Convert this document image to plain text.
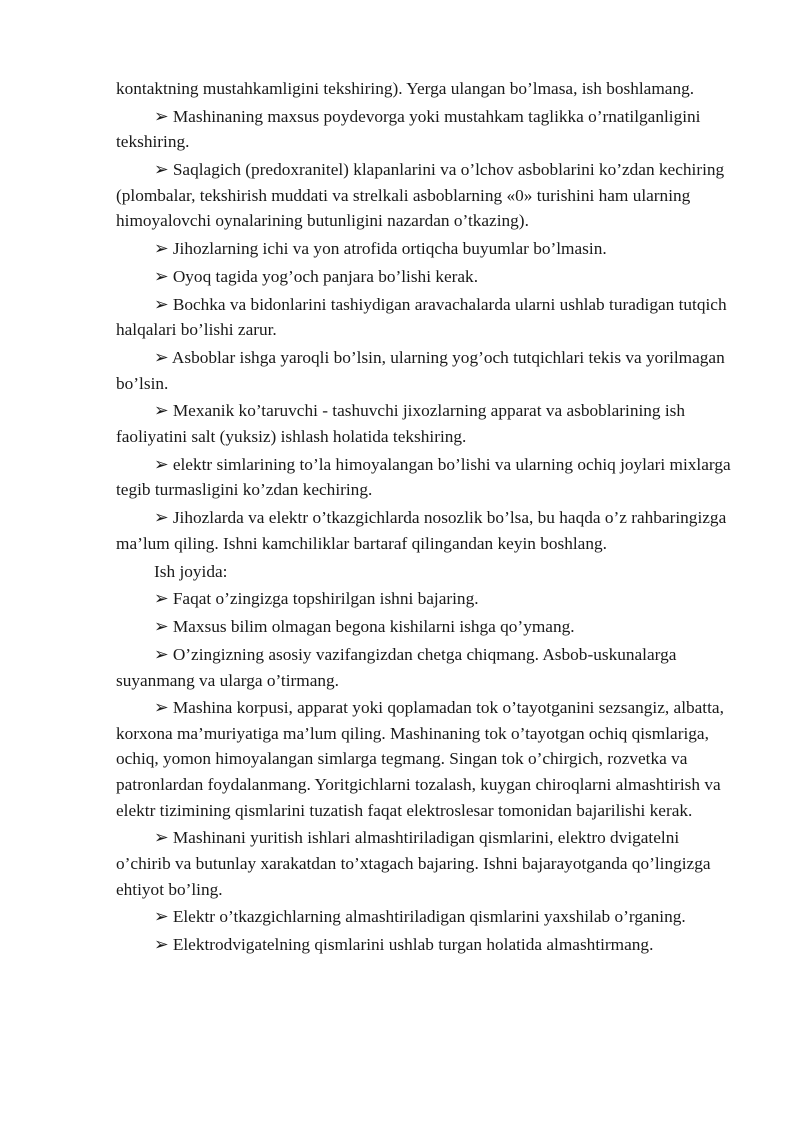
kontaktning mustahkamligini tekshiring). Yerga ulangan bo’lmasa, ish boshlamang.

➢ Mashinaning maxsus poydevorga yoki mustahkam taglikka o’rnatilganligini tekshiring.

➢ Saqlagich (predoxranitel) klapanlarini va o’lchov asboblarini ko’zdan kechiring (plombalar, tekshirish muddati va strelkali asboblarning «0» turishini ham ularning himoyalovchi oynalarining butunligini nazardan o’tkazing).

➢ Jihozlarning ichi va yon atrofida ortiqcha buyumlar bo’lmasin.

➢ Oyoq tagida yog’och panjara bo’lishi kerak.

➢ Bochka va bidonlarini tashiydigan aravachalarda ularni ushlab turadigan tutqich halqalari bo’lishi zarur.

➢ Asboblar ishga yaroqli bo’lsin, ularning yog’och tutqichlari tekis va yorilmagan bo’lsin.

➢ Mexanik ko’taruvchi - tashuvchi jixozlarning apparat va asboblarining ish faoliyatini salt (yuksiz) ishlash holatida tekshiring.

➢ elektr simlarining to’la himoyalangan bo’lishi va ularning ochiq joylari mixlarga tegib turmasligini ko’zdan kechiring.

➢ Jihozlarda va elektr o’tkazgichlarda nosozlik bo’lsa, bu haqda o’z rahbaringizga ma’lum qiling. Ishni kamchiliklar bartaraf qilingandan keyin boshlang.

Ish joyida:

➢ Faqat o’zingizga topshirilgan ishni bajaring.

➢ Maxsus bilim olmagan begona kishilarni ishga qo’ymang.

➢ O’zingizning asosiy vazifangizdan chetga chiqmang. Asbob-uskunalarga suyanmang va ularga o’tirmang.

➢ Mashina korpusi, apparat yoki qoplamadan tok o’tayotganini sezsangiz, albatta, korxona ma’muriyatiga ma’lum qiling. Mashinaning tok o’tayotgan ochiq qismlariga, ochiq, yomon himoyalangan simlarga tegmang. Singan tok o’chirgich, rozvetka va patronlardan foydalanmang. Yoritgichlarni tozalash, kuygan chiroqlarni almashtirish va elektr tizimining qismlarini tuzatish faqat elektroslesar tomonidan bajarilishi kerak.

➢ Mashinani yuritish ishlari almashtiriladigan qismlarini, elektro dvigatelni o’chirib va butunlay xarakatdan to’xtagach bajaring. Ishni bajarayotganda qo’lingizga ehtiyot bo’ling.

➢ Elektr o’tkazgichlarning almashtiriladigan qismlarini yaxshilab o’rganing.

➢ Elektrodvigatelning qismlarini ushlab turgan holatida almashtirmang.
